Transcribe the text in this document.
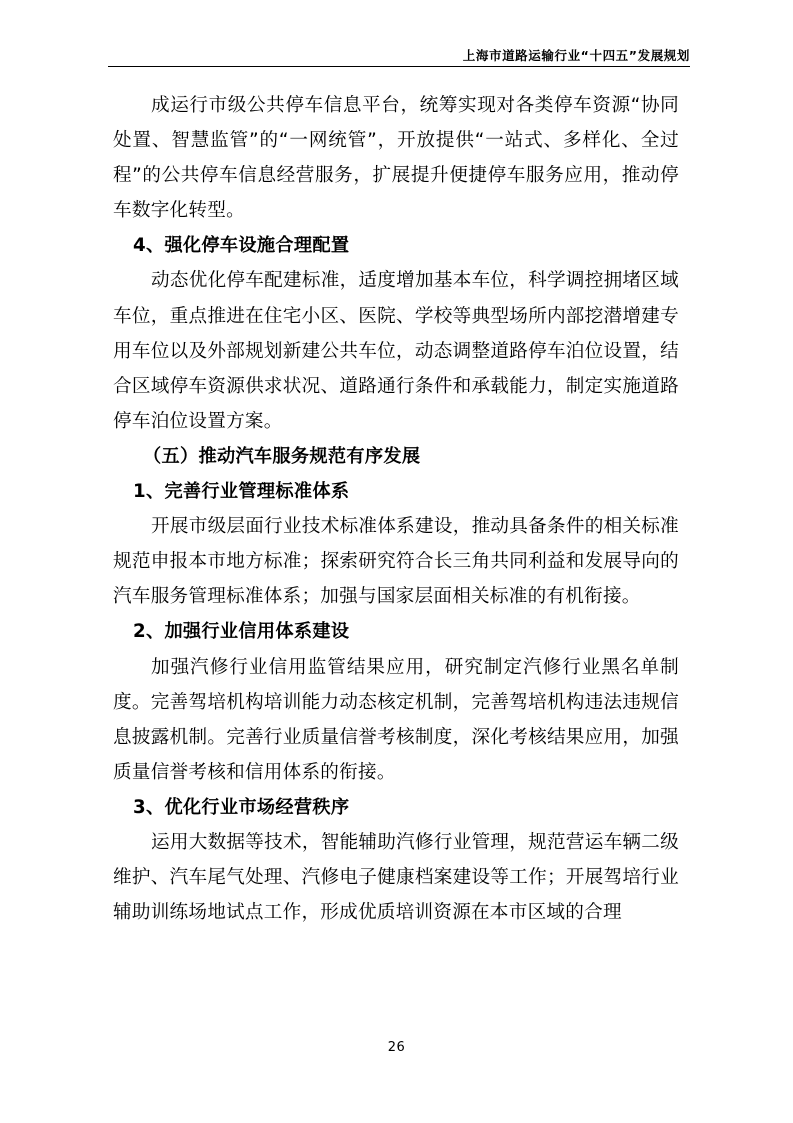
上海市道路运输行业“十四五”发展规划

成运行市级公共停车信息平台，统筹实现对各类停车资源“协同处置、智慧监管”的“一网统管”，开放提供“一站式、多样化、全过程”的公共停车信息经营服务，扩展提升便捷停车服务应用，推动停车数字化转型。

4、强化停车设施合理配置

动态优化停车配建标准，适度增加基本车位，科学调控拥堵区域车位，重点推进在住宅小区、医院、学校等典型场所内部挖潜增建专用车位以及外部规划新建公共车位，动态调整道路停车泊位设置，结合区域停车资源供求状况、道路通行条件和承载能力，制定实施道路停车泊位设置方案。

（五）推动汽车服务规范有序发展

1、完善行业管理标准体系

开展市级层面行业技术标准体系建设，推动具备条件的相关标准规范申报本市地方标准；探索研究符合长三角共同利益和发展导向的汽车服务管理标准体系；加强与国家层面相关标准的有机衔接。

2、加强行业信用体系建设

加强汽修行业信用监管结果应用，研究制定汽修行业黑名单制度。完善驾培机构培训能力动态核定机制，完善驾培机构违法违规信息披露机制。完善行业质量信誉考核制度，深化考核结果应用，加强质量信誉考核和信用体系的衔接。

3、优化行业市场经营秩序

运用大数据等技术，智能辅助汽修行业管理，规范营运车辆二级维护、汽车尾气处理、汽修电子健康档案建设等工作；开展驾培行业辅助训练场地试点工作，形成优质培训资源在本市区域的合理

26
